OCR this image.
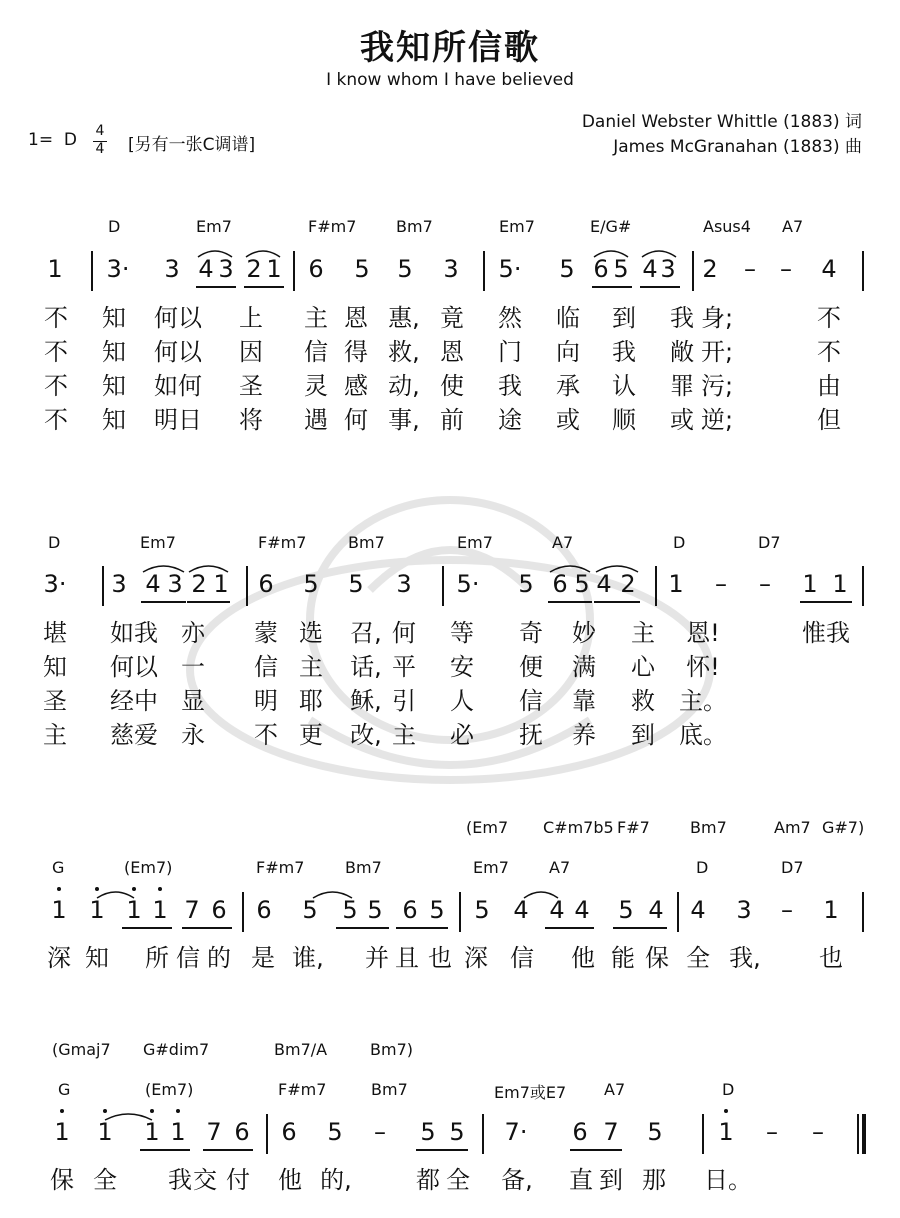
我知所信歌
I know whom I have believed
Daniel Webster Whittle (1883) 词
James McGranahan (1883) 曲
1= D 4
4 [另有一张C调谱]
D	Em7	F#m7 Bm7	Em7	E/G#	Asus4 A7
1 3· 3 4 3 2 1 6 5 5 3 5· 5 6 5 4 3 2 – – 4
不 知 何以 上 主 恩 惠, 竟 然 临 到 我 身;	不
不 知 何以 因 信 得 救, 恩 门 向 我 敞 开;	不
不 知 如何 圣 灵 感 动, 使 我 承 认 罪 污;	由
不 知 明日 将 遇 何 事, 前 途 或 顺 或 逆;	但
D	Em7	F#m7	Bm7	Em7	A7	D	D7
3· 3 4 3 2 1 6 5 5 3 5· 5 6 5 4 2 1 – – 1 1
堪 如我 亦 蒙 选 召, 何 等 奇 妙 主 恩!	惟我
知 何以 一 信 主 话, 平 安 便 满 心 怀!
圣 经中 显 明 耶 稣, 引 人 信 靠 救 主。
主 慈爱 永 不 更 改, 主 必 抚 养 到 底。
(Em7 C#m7b5 F#7	Bm7	Am7 G#7)
G	(Em7)	F#m7	Bm7	Em7	A7	D	D7
1 1 1 1 7 6 6 5 5 5 6 5 5 4 4 4 5 4 4 3 – 1
深 知 所 信 的 是 谁, 并 且 也 深 信 他 能 保 全 我, 也
(Gmaj7 G#dim7	Bm7/A	Bm7)
G	(Em7)	F#m7	Bm7	Em7或E7 A7	D
1 1 1 1 7 6 6 5 – 5 5 7· 6 7 5 1 – –
保 全 我 交 付 他 的,	都 全 备, 直 到 那 日。
